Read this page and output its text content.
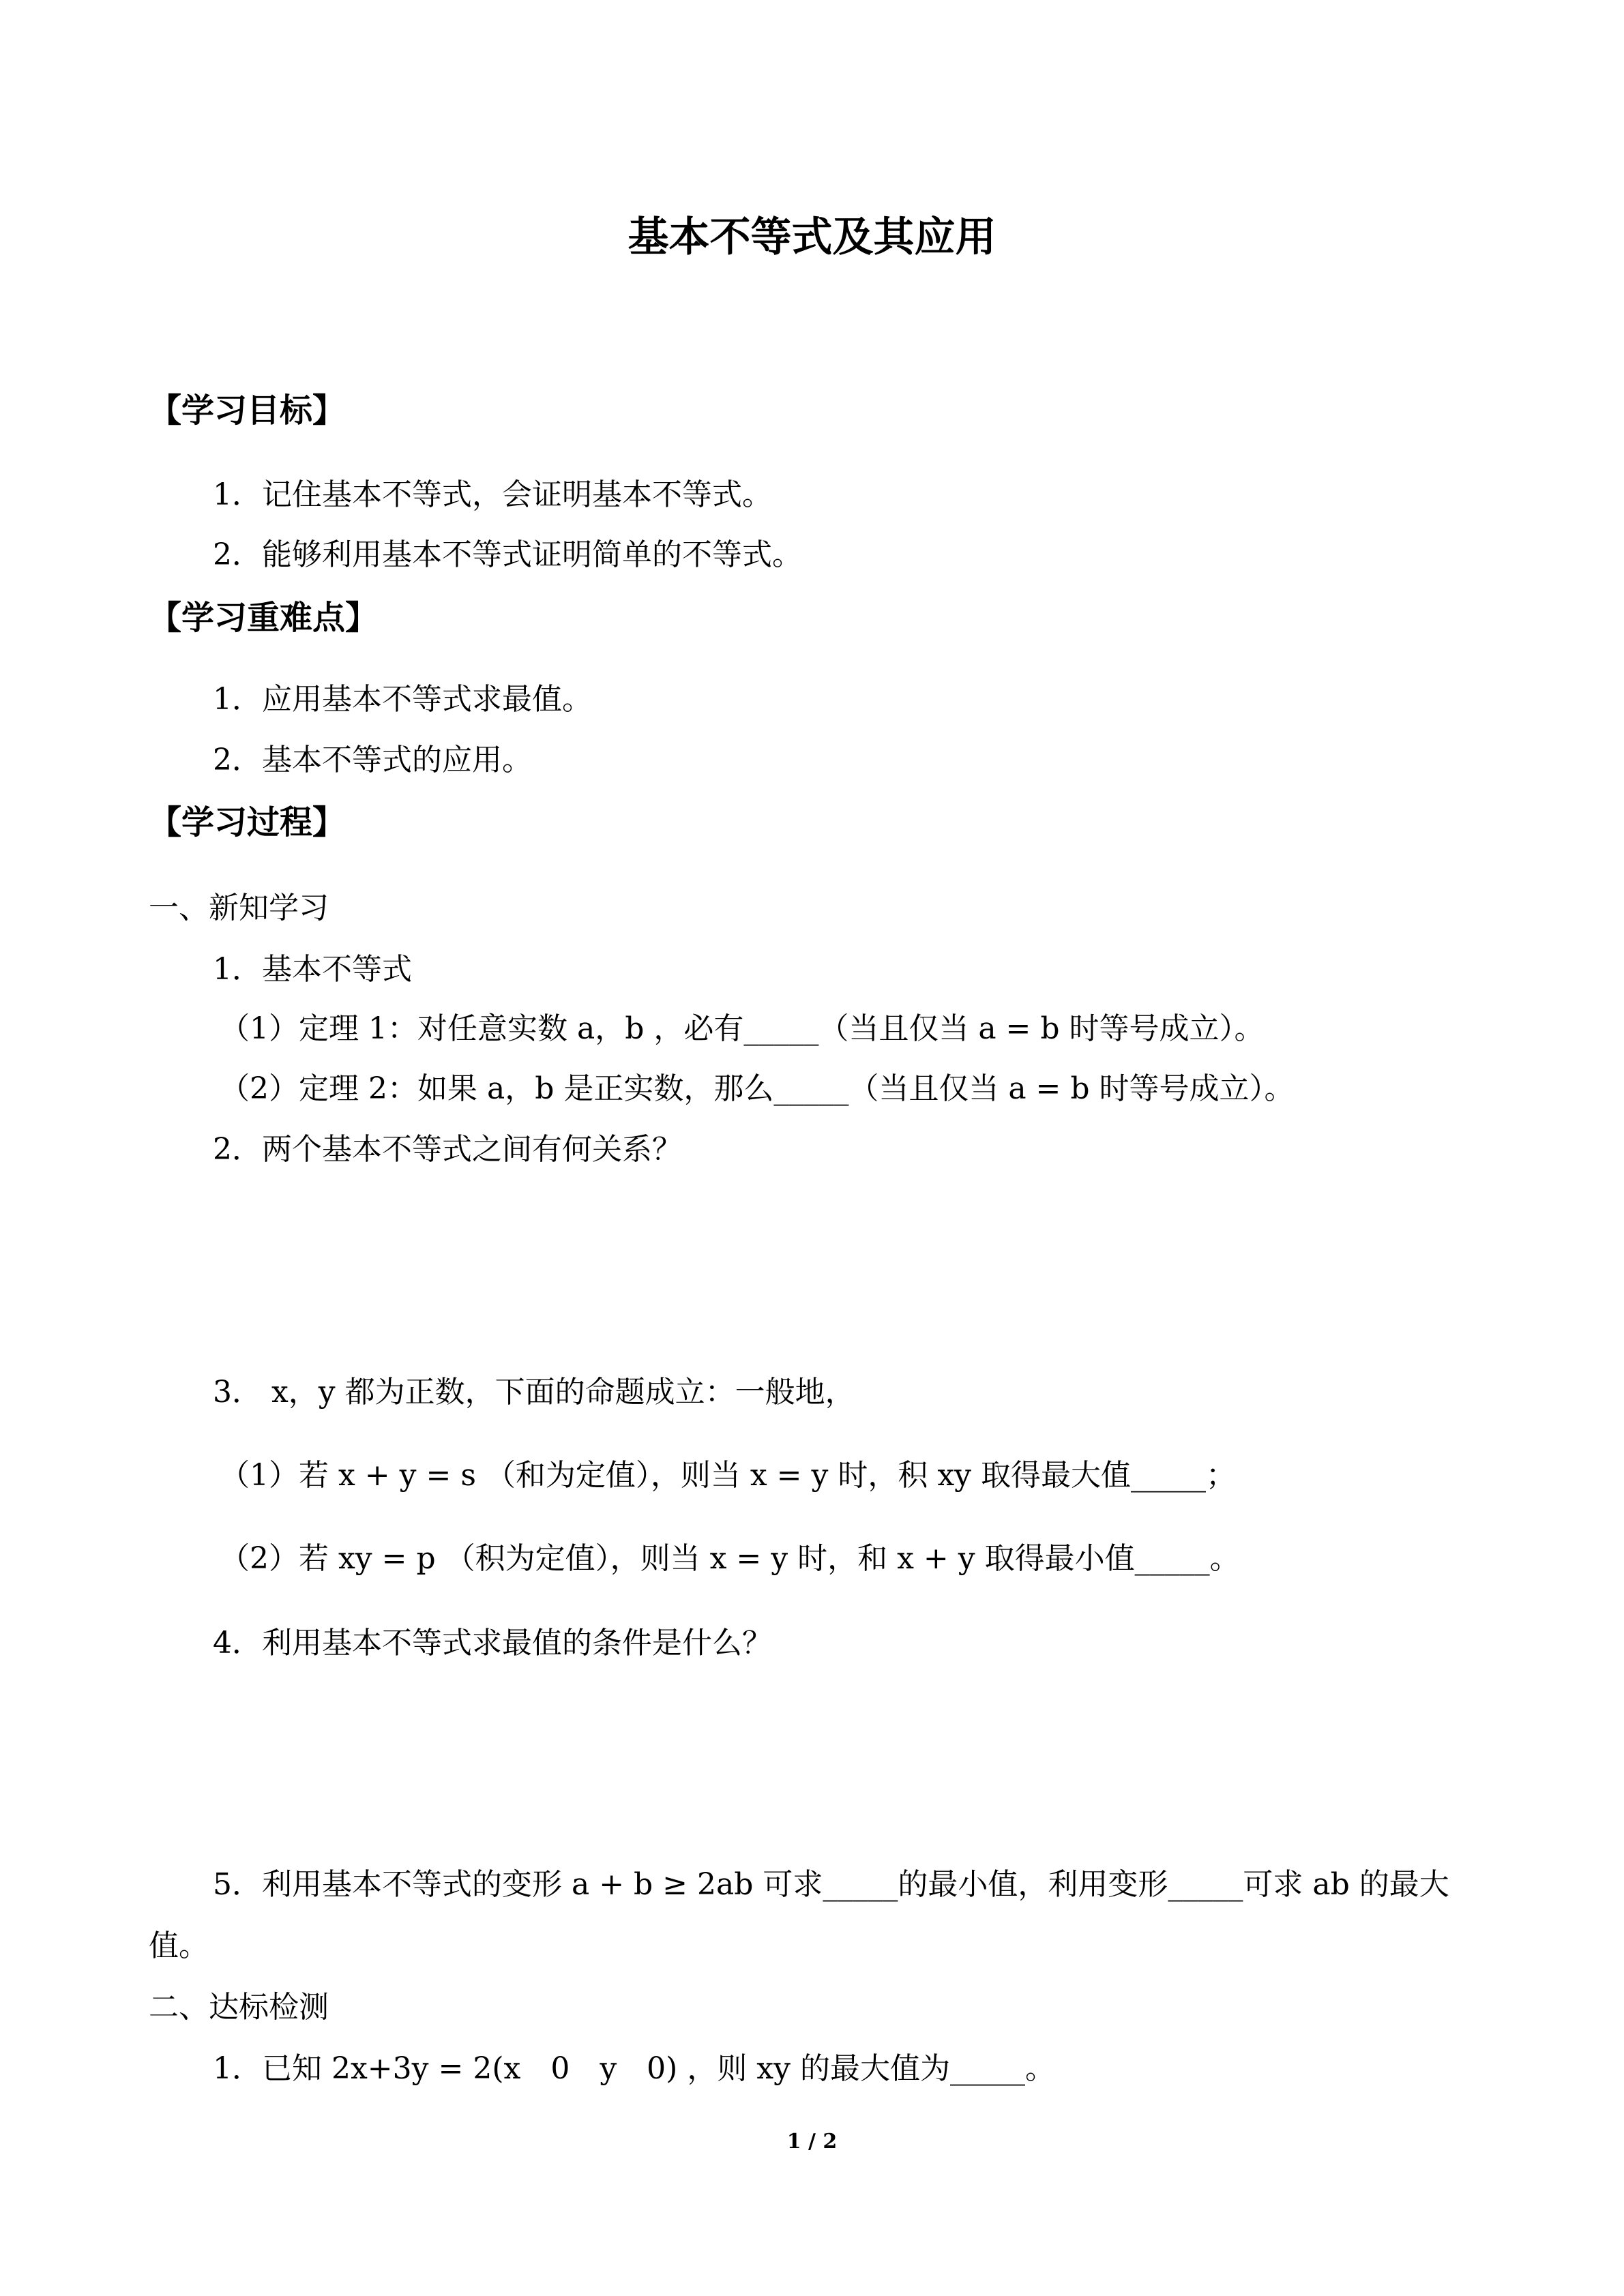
基本不等式及其应用
【学习目标】
1．记住基本不等式，会证明基本不等式。
2．能够利用基本不等式证明简单的不等式。
【学习重难点】
1．应用基本不等式求最值。
2．基本不等式的应用。
【学习过程】
一、新知学习
1．基本不等式
（1）定理 1：对任意实数 a，b ，必有_____（当且仅当 a = b 时等号成立）。
（2）定理 2：如果 a，b 是正实数，那么_____（当且仅当 a = b 时等号成立）。
2．两个基本不等式之间有何关系？
3． x，y 都为正数，下面的命题成立：一般地，
（1）若 x + y = s （和为定值），则当 x = y 时，积 xy 取得最大值_____；
（2）若 xy = p （积为定值），则当 x = y 时，和 x + y 取得最小值_____。
4．利用基本不等式求最值的条件是什么？
5．利用基本不等式的变形 a + b ≥ 2ab 可求_____的最小值，利用变形_____可求 ab 的最大
值。
二、达标检测
1．已知 2x+3y = 2(x　0　y　0) ，则 xy 的最大值为_____。
1 / 2
